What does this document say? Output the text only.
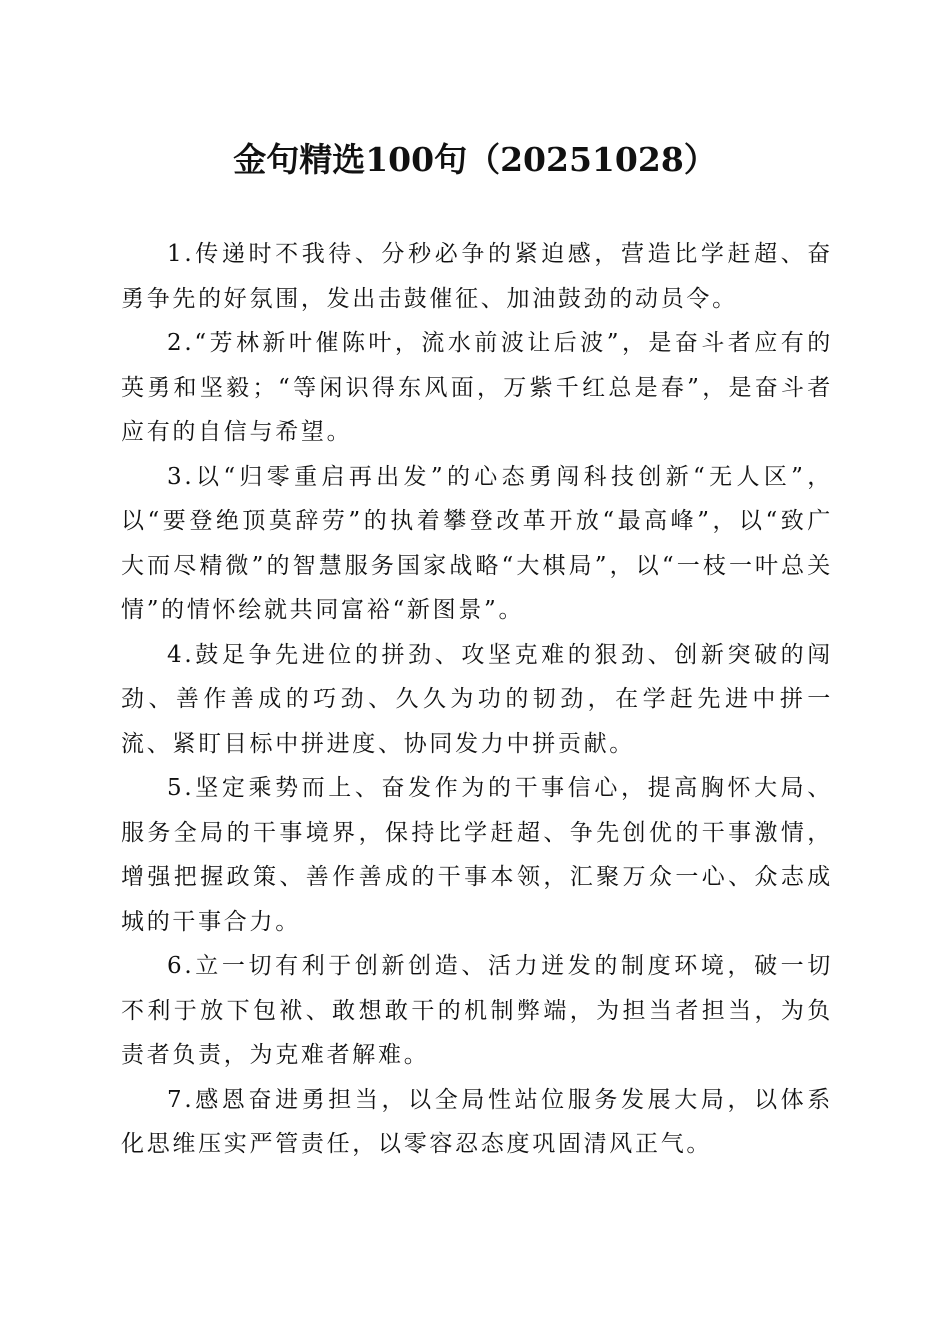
金句精选100句（20251028）

1.传递时不我待、分秒必争的紧迫感，营造比学赶超、奋勇争先的好氛围，发出击鼓催征、加油鼓劲的动员令。

2.“芳林新叶催陈叶，流水前波让后波”，是奋斗者应有的英勇和坚毅；“等闲识得东风面，万紫千红总是春”，是奋斗者应有的自信与希望。

3.以“归零重启再出发”的心态勇闯科技创新“无人区”，以“要登绝顶莫辞劳”的执着攀登改革开放“最高峰”，以“致广大而尽精微”的智慧服务国家战略“大棋局”，以“一枝一叶总关情”的情怀绘就共同富裕“新图景”。

4.鼓足争先进位的拼劲、攻坚克难的狠劲、创新突破的闯劲、善作善成的巧劲、久久为功的韧劲，在学赶先进中拼一流、紧盯目标中拼进度、协同发力中拼贡献。

5.坚定乘势而上、奋发作为的干事信心，提高胸怀大局、服务全局的干事境界，保持比学赶超、争先创优的干事激情，增强把握政策、善作善成的干事本领，汇聚万众一心、众志成城的干事合力。

6.立一切有利于创新创造、活力迸发的制度环境，破一切不利于放下包袱、敢想敢干的机制弊端，为担当者担当，为负责者负责，为克难者解难。

7.感恩奋进勇担当，以全局性站位服务发展大局，以体系化思维压实严管责任，以零容忍态度巩固清风正气。
